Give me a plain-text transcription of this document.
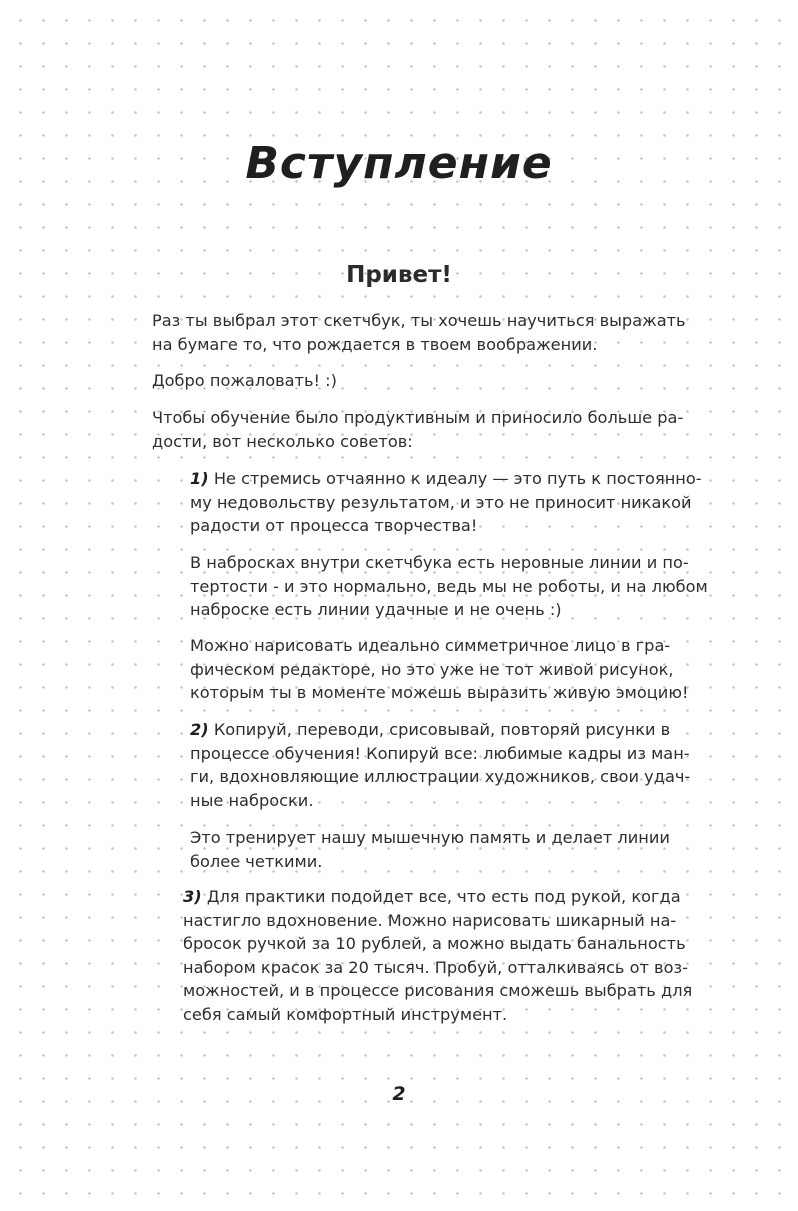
Вступление
Привет!

Раз ты выбрал этот скетчбук, ты хочешь научиться выражать
на бумаге то, что рождается в твоем воображении.

Добро пожаловать! :)

Чтобы обучение было продуктивным и приносило больше ра-
дости, вот несколько советов:

1) Не стремись отчаянно к идеалу — это путь к постоянно-
му недовольству результатом, и это не приносит никакой
радости от процесса творчества!

В набросках внутри скетчбука есть неровные линии и по-
тертости - и это нормально, ведь мы не роботы, и на любом
наброске есть линии удачные и не очень :)

Можно нарисовать идеально симметричное лицо в гра-
фическом редакторе, но это уже не тот живой рисунок,
которым ты в моменте можешь выразить живую эмоцию!

2) Копируй, переводи, срисовывай, повторяй рисунки в
процессе обучения! Копируй все: любимые кадры из ман-
ги, вдохновляющие иллюстрации художников, свои удач-
ные наброски.

Это тренирует нашу мышечную память и делает линии
более четкими.

3) Для практики подойдет все, что есть под рукой, когда
настигло вдохновение. Можно нарисовать шикарный на-
бросок ручкой за 10 рублей, а можно выдать банальность
набором красок за 20 тысяч. Пробуй, отталкиваясь от воз-
можностей, и в процессе рисования сможешь выбрать для
себя самый комфортный инструмент.

2
